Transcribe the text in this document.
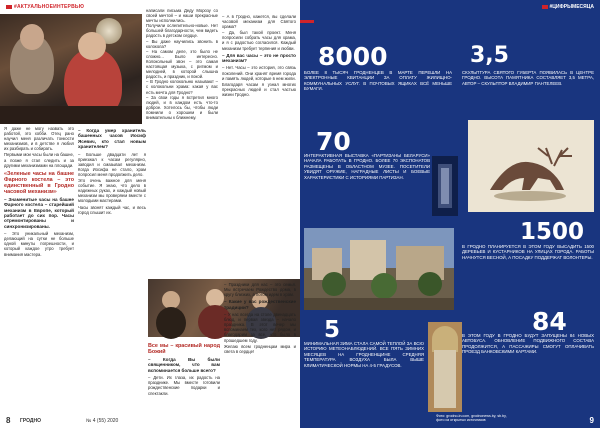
#АКТУАЛЬНОЕИНТЕРВЬЮ

написали письма Деду Морозу со своей мечтой – и наши прекрасные мечты исполнились.

Получили ослепительно-новые. Нет большей благодарности, чем видеть радость в детском сердце.

– Вы даже научились звонить в колокола?

– На самом деле, это было не сложно... Было интересно. Колокольный звон – это самая настоящая музыка, с ритмом и мелодией, в которой слышна радость, и праздник, и покой.

– В Гродно колокольню называют – с колокольни храма: какая у вас есть мечта для Гродно?

– За свои годы я встретил много людей, и в каждом есть что-то доброе. Хотелось бы, чтобы люди помнили о хорошем и были внимательны к ближнему.

– А в Гродно, кажется, вы сделали часовой механизм для Святого храма?

– Да, был такой проект. Меня попросили собрать часы для храма, и я с радостью согласился. Каждый механизм требует терпения и любви.

– Для вас часы – это не просто механизм?

– Нет. Часы – это история, это связь поколений. Они хранят время города и память людей, которые в нем жили.

Благодаря часам я узнал многих прекрасных людей и стал частью жизни Гродно.

Я даже не могу назвать это работой, это хобби. Отец рано научил меня различать тонкости механизмов, и в детстве я любил их разбирать и собирать.

Первыми мои часы были на башне, а позже я стал следить и за другими механизмами на площади.

«Зеленые часы на башне Фарного костела – это единственный в Гродно часовой механизм»

– Знаменитые часы на башне Фарного костела – старейший механизм в Европе, который работает до сих пор. Часы отремонтированы и синхронизированы.

– Это уникальный механизм, делающий на сутки не больше одной минуты погрешности, и который каждое утро требует внимания мастера.

– Когда умер хранитель башенных часов Иосиф Ясевич, кто стал новым хранителем?

– Больше двадцати лет я приезжал к часам регулярно, заводил и смазывал механизм. Когда Иосифа не стало, храм попросил меня продолжить дело.

Это очень важное для меня событие. Я знаю, что дело в надежных руках, и каждый новый механизм мы проверяем вместе с молодыми мастерами.

Часы звонят каждый час, и весь город слышит их.

Все мы – красивый народ Божий

– Когда Вы были священником, что вам вспоминается больше всего?

– Дети. Их глаза, их радость на празднике. Мы вместе готовили рождественские подарки и спектакли.

– Праздники для нас – это семья. Мы встречаем Рождество дома, в кругу близких, а потом идем в храм.

– Какие у вас рождественские традиции?

– У нас всегда на столе двенадцать блюд, и первая звезда – начало праздника. В этот вечер мы вспоминаем тех, кого нет рядом, и благодарим за все, что было в прошедшем году.

Желаю всем гродненцам мира и света в сердце!

8 ГРОДНО	№ 4 (55) 2020
#ЦИФРЫМЕСЯЦА
8000
БОЛЕЕ 8 ТЫСЯЧ ГРОДНЕНЦЕВ В МАРТЕ ПЕРЕШЛИ НА ЭЛЕКТРОННЫЕ КВИТАНЦИИ ЗА ОПЛАТУ ЖИЛИЩНО-КОММУНАЛЬНЫХ УСЛУГ. В ПОЧТОВЫХ ЯЩИКАХ ВСЁ МЕНЬШЕ БУМАГИ.
3,5
СКУЛЬПТУРА СВЯТОГО ГУБЕРТА ПОЯВИЛАСЬ В ЦЕНТРЕ ГРОДНО. ВЫСОТА ПАМЯТНИКА СОСТАВЛЯЕТ 3,5 МЕТРА, АВТОР – СКУЛЬПТОР ВЛАДИМИР ПАНТЕЛЕЕВ.
70
ИНТЕРАКТИВНАЯ ВЫСТАВКА «ПАРТИЗАНЫ БЕЛАРУСИ» НАЧАЛА РАБОТАТЬ В ГРОДНО. БОЛЕЕ 70 ЭКСПОНАТОВ РАЗМЕЩЕНЫ В ОБЛАСТНОМ МУЗЕЕ. ПОСЕТИТЕЛИ УВИДЯТ ОРУЖИЕ, НАГРАДНЫЕ ЛИСТЫ И БОЕВЫЕ ХАРАКТЕРИСТИКИ С ИСТОРИЯМИ ПАРТИЗАН.
1500
В ГРОДНО ПЛАНИРУЕТСЯ В ЭТОМ ГОДУ ВЫСАДИТЬ 1500 ДЕРЕВЬЕВ И КУСТАРНИКОВ НА УЛИЦАХ ГОРОДА. РАБОТЫ НАЧНУТСЯ ВЕСНОЙ, А ПОСАДКУ ПОДДЕРЖАТ ВОЛОНТЕРЫ.
5
МИНИМАЛЬНАЯ ЗИМА СТАЛА САМОЙ ТЕПЛОЙ ЗА ВСЮ ИСТОРИЮ МЕТЕОНАБЛЮДЕНИЙ. ВСЕ ПЯТЬ ЗИМНИХ МЕСЯЦЕВ НА ГРОДНЕНЩИНЕ СРЕДНЯЯ ТЕМПЕРАТУРА ВОЗДУХА БЫЛА ВЫШЕ КЛИМАТИЧЕСКОЙ НОРМЫ НА 4-5 ГРАДУСОВ.
84
В ЭТОМ ГОДУ В ГРОДНО БУДУТ ЗАПУЩЕНЫ 84 НОВЫХ АВТОБУСА. ОБНОВЛЕНИЕ ПОДВИЖНОГО СОСТАВА ПРОДОЛЖИТСЯ, А ПАССАЖИРЫ СМОГУТ ОПЛАЧИВАТЬ ПРОЕЗД БАНКОВСКИМИ КАРТАМИ.
Фото: grodno-in.com, grodnonews.by, sb.by, фото из открытых источников	9
